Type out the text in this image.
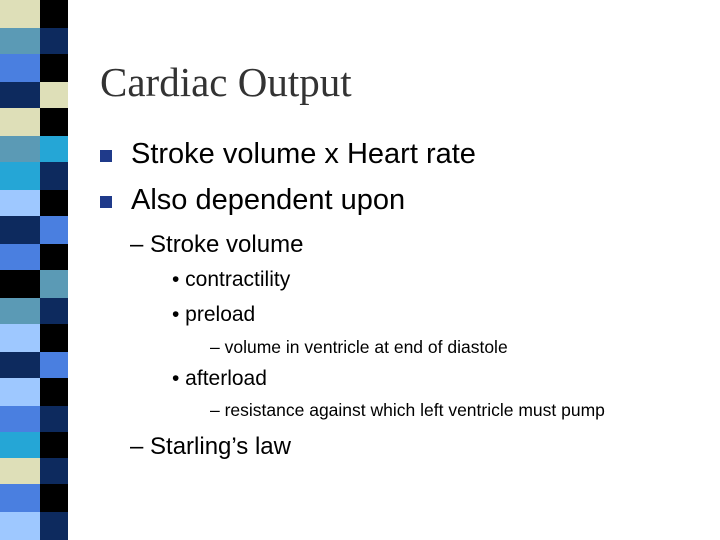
Cardiac Output
Stroke volume x Heart rate
Also dependent upon
– Stroke volume
• contractility
• preload
– volume in ventricle at end of diastole
• afterload
– resistance against which left ventricle must pump
– Starling’s law
